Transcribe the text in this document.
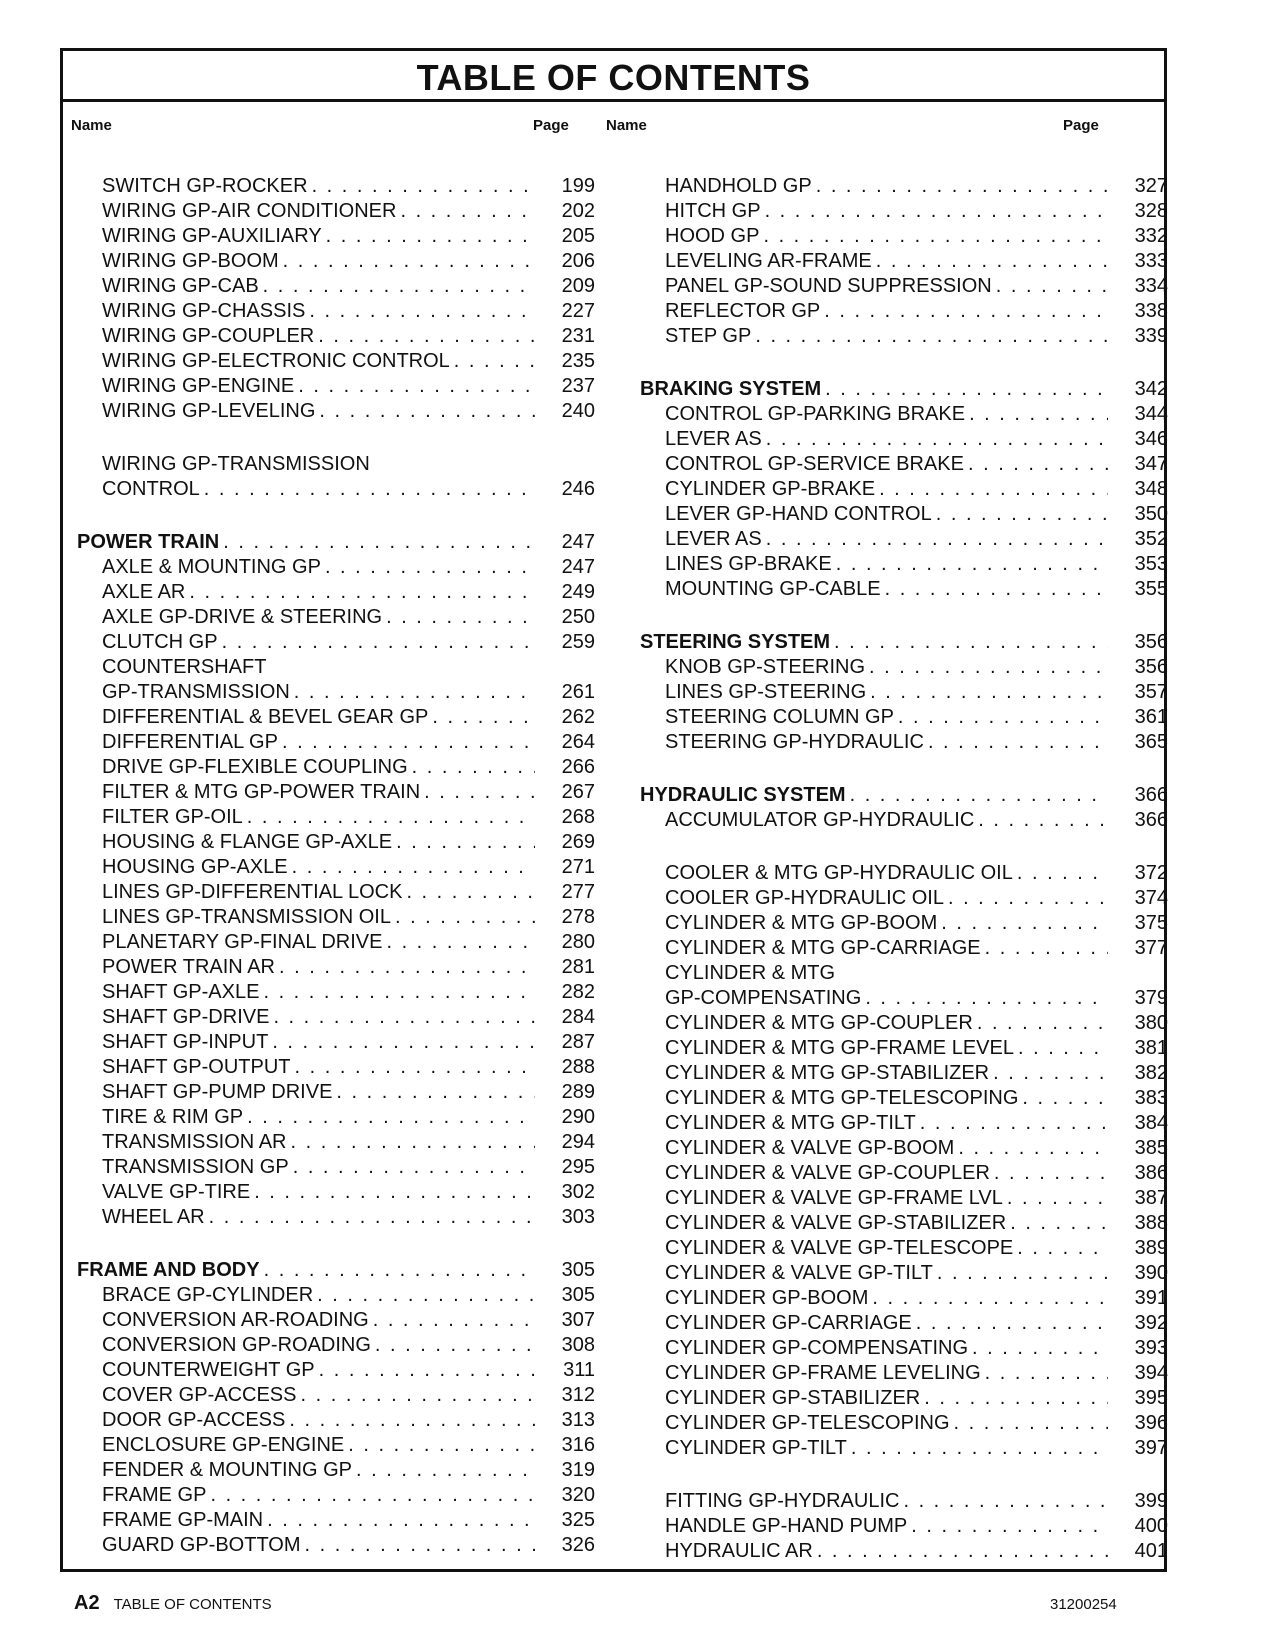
TABLE OF CONTENTS
Name	Page Name	Page
SWITCH GP-ROCKER . . .	199
WIRING GP-AIR CONDITIONER . . .	202
WIRING GP-AUXILIARY . . .	205
WIRING GP-BOOM . . .	206
WIRING GP-CAB . . .	209
WIRING GP-CHASSIS . . .	227
WIRING GP-COUPLER . . .	231
WIRING GP-ELECTRONIC CONTROL . . .	235
WIRING GP-ENGINE . . .	237
WIRING GP-LEVELING . . .	240
WIRING GP-TRANSMISSION
CONTROL . . .	246
POWER TRAIN . . .	247
AXLE & MOUNTING GP . . .	247
AXLE AR . . .	249
AXLE GP-DRIVE & STEERING . . .	250
CLUTCH GP . . .	259
COUNTERSHAFT
GP-TRANSMISSION . . .	261
DIFFERENTIAL & BEVEL GEAR GP . . .	262
DIFFERENTIAL GP . . .	264
DRIVE GP-FLEXIBLE COUPLING . . .	266
FILTER & MTG GP-POWER TRAIN . . .	267
FILTER GP-OIL . . .	268
HOUSING & FLANGE GP-AXLE . . .	269
HOUSING GP-AXLE . . .	271
LINES GP-DIFFERENTIAL LOCK . . .	277
LINES GP-TRANSMISSION OIL . . .	278
PLANETARY GP-FINAL DRIVE . . .	280
POWER TRAIN AR . . .	281
SHAFT GP-AXLE . . .	282
SHAFT GP-DRIVE . . .	284
SHAFT GP-INPUT . . .	287
SHAFT GP-OUTPUT . . .	288
SHAFT GP-PUMP DRIVE . . .	289
TIRE & RIM GP . . .	290
TRANSMISSION AR . . .	294
TRANSMISSION GP . . .	295
VALVE GP-TIRE . . .	302
WHEEL AR . . .	303
FRAME AND BODY . . .	305
BRACE GP-CYLINDER . . .	305
CONVERSION AR-ROADING . . .	307
CONVERSION GP-ROADING . . .	308
COUNTERWEIGHT GP . . .	311
COVER GP-ACCESS . . .	312
DOOR GP-ACCESS . . .	313
ENCLOSURE GP-ENGINE . . .	316
FENDER & MOUNTING GP . . .	319
FRAME GP . . .	320
FRAME GP-MAIN . . .	325
GUARD GP-BOTTOM . . .	326
HANDHOLD GP . . .	327
HITCH GP . . .	328
HOOD GP . . .	332
LEVELING AR-FRAME . . .	333
PANEL GP-SOUND SUPPRESSION . . .	334
REFLECTOR GP . . .	338
STEP GP . . .	339
BRAKING SYSTEM . . .	342
CONTROL GP-PARKING BRAKE . . .	344
LEVER AS . . .	346
CONTROL GP-SERVICE BRAKE . . .	347
CYLINDER GP-BRAKE . . .	348
LEVER GP-HAND CONTROL . . .	350
LEVER AS . . .	352
LINES GP-BRAKE . . .	353
MOUNTING GP-CABLE . . .	355
STEERING SYSTEM . . .	356
KNOB GP-STEERING . . .	356
LINES GP-STEERING . . .	357
STEERING COLUMN GP . . .	361
STEERING GP-HYDRAULIC . . .	365
HYDRAULIC SYSTEM . . .	366
ACCUMULATOR GP-HYDRAULIC . . .	366
COOLER & MTG GP-HYDRAULIC OIL . . .	372
COOLER GP-HYDRAULIC OIL . . .	374
CYLINDER & MTG GP-BOOM . . .	375
CYLINDER & MTG GP-CARRIAGE . . .	377
CYLINDER & MTG
GP-COMPENSATING . . .	379
CYLINDER & MTG GP-COUPLER . . .	380
CYLINDER & MTG GP-FRAME LEVEL . . .	381
CYLINDER & MTG GP-STABILIZER . . .	382
CYLINDER & MTG GP-TELESCOPING . . .	383
CYLINDER & MTG GP-TILT . . .	384
CYLINDER & VALVE GP-BOOM . . .	385
CYLINDER & VALVE GP-COUPLER . . .	386
CYLINDER & VALVE GP-FRAME LVL . . .	387
CYLINDER & VALVE GP-STABILIZER . . .	388
CYLINDER & VALVE GP-TELESCOPE . . .	389
CYLINDER & VALVE GP-TILT . . .	390
CYLINDER GP-BOOM . . .	391
CYLINDER GP-CARRIAGE . . .	392
CYLINDER GP-COMPENSATING . . .	393
CYLINDER GP-FRAME LEVELING . . .	394
CYLINDER GP-STABILIZER . . .	395
CYLINDER GP-TELESCOPING . . .	396
CYLINDER GP-TILT . . .	397
FITTING GP-HYDRAULIC . . .	399
HANDLE GP-HAND PUMP . . .	400
HYDRAULIC AR . . .	401
A2 TABLE OF CONTENTS	31200254
